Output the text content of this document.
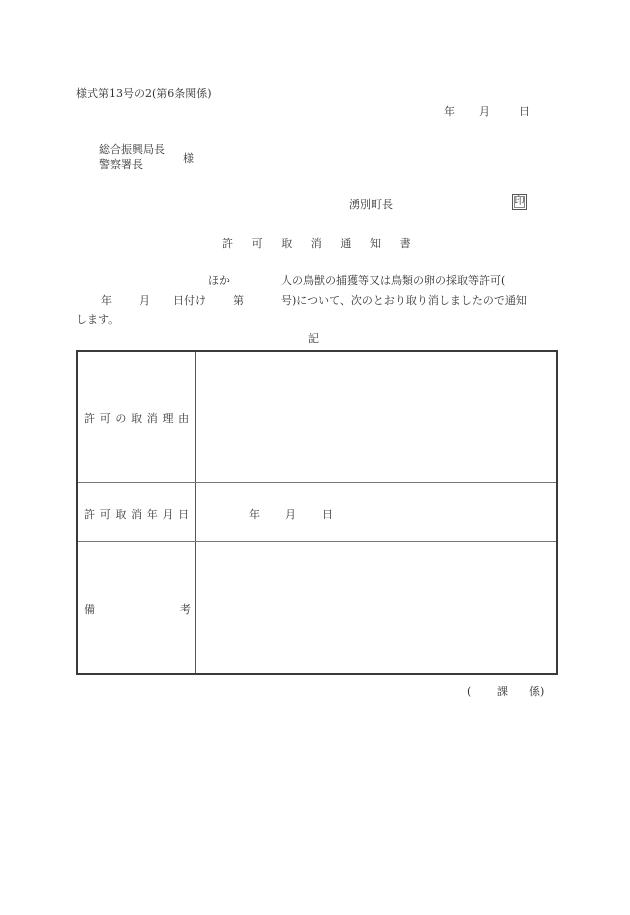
様式第13号の2(第6条関係)
年 月	日
総合振興局長
警察署長	様
湧別町長	印
許 可 取 消 通 知 書
ほか	人の鳥獣の捕獲等又は鳥類の卵の採取等許可(
年 月 日付け 第	号)について、次のとおり取り消しましたので通知
します。
記
許 可 の 取 消 理 由
許 可 取 消 年 月 日	年 月 日
備	考
( 課 係)
